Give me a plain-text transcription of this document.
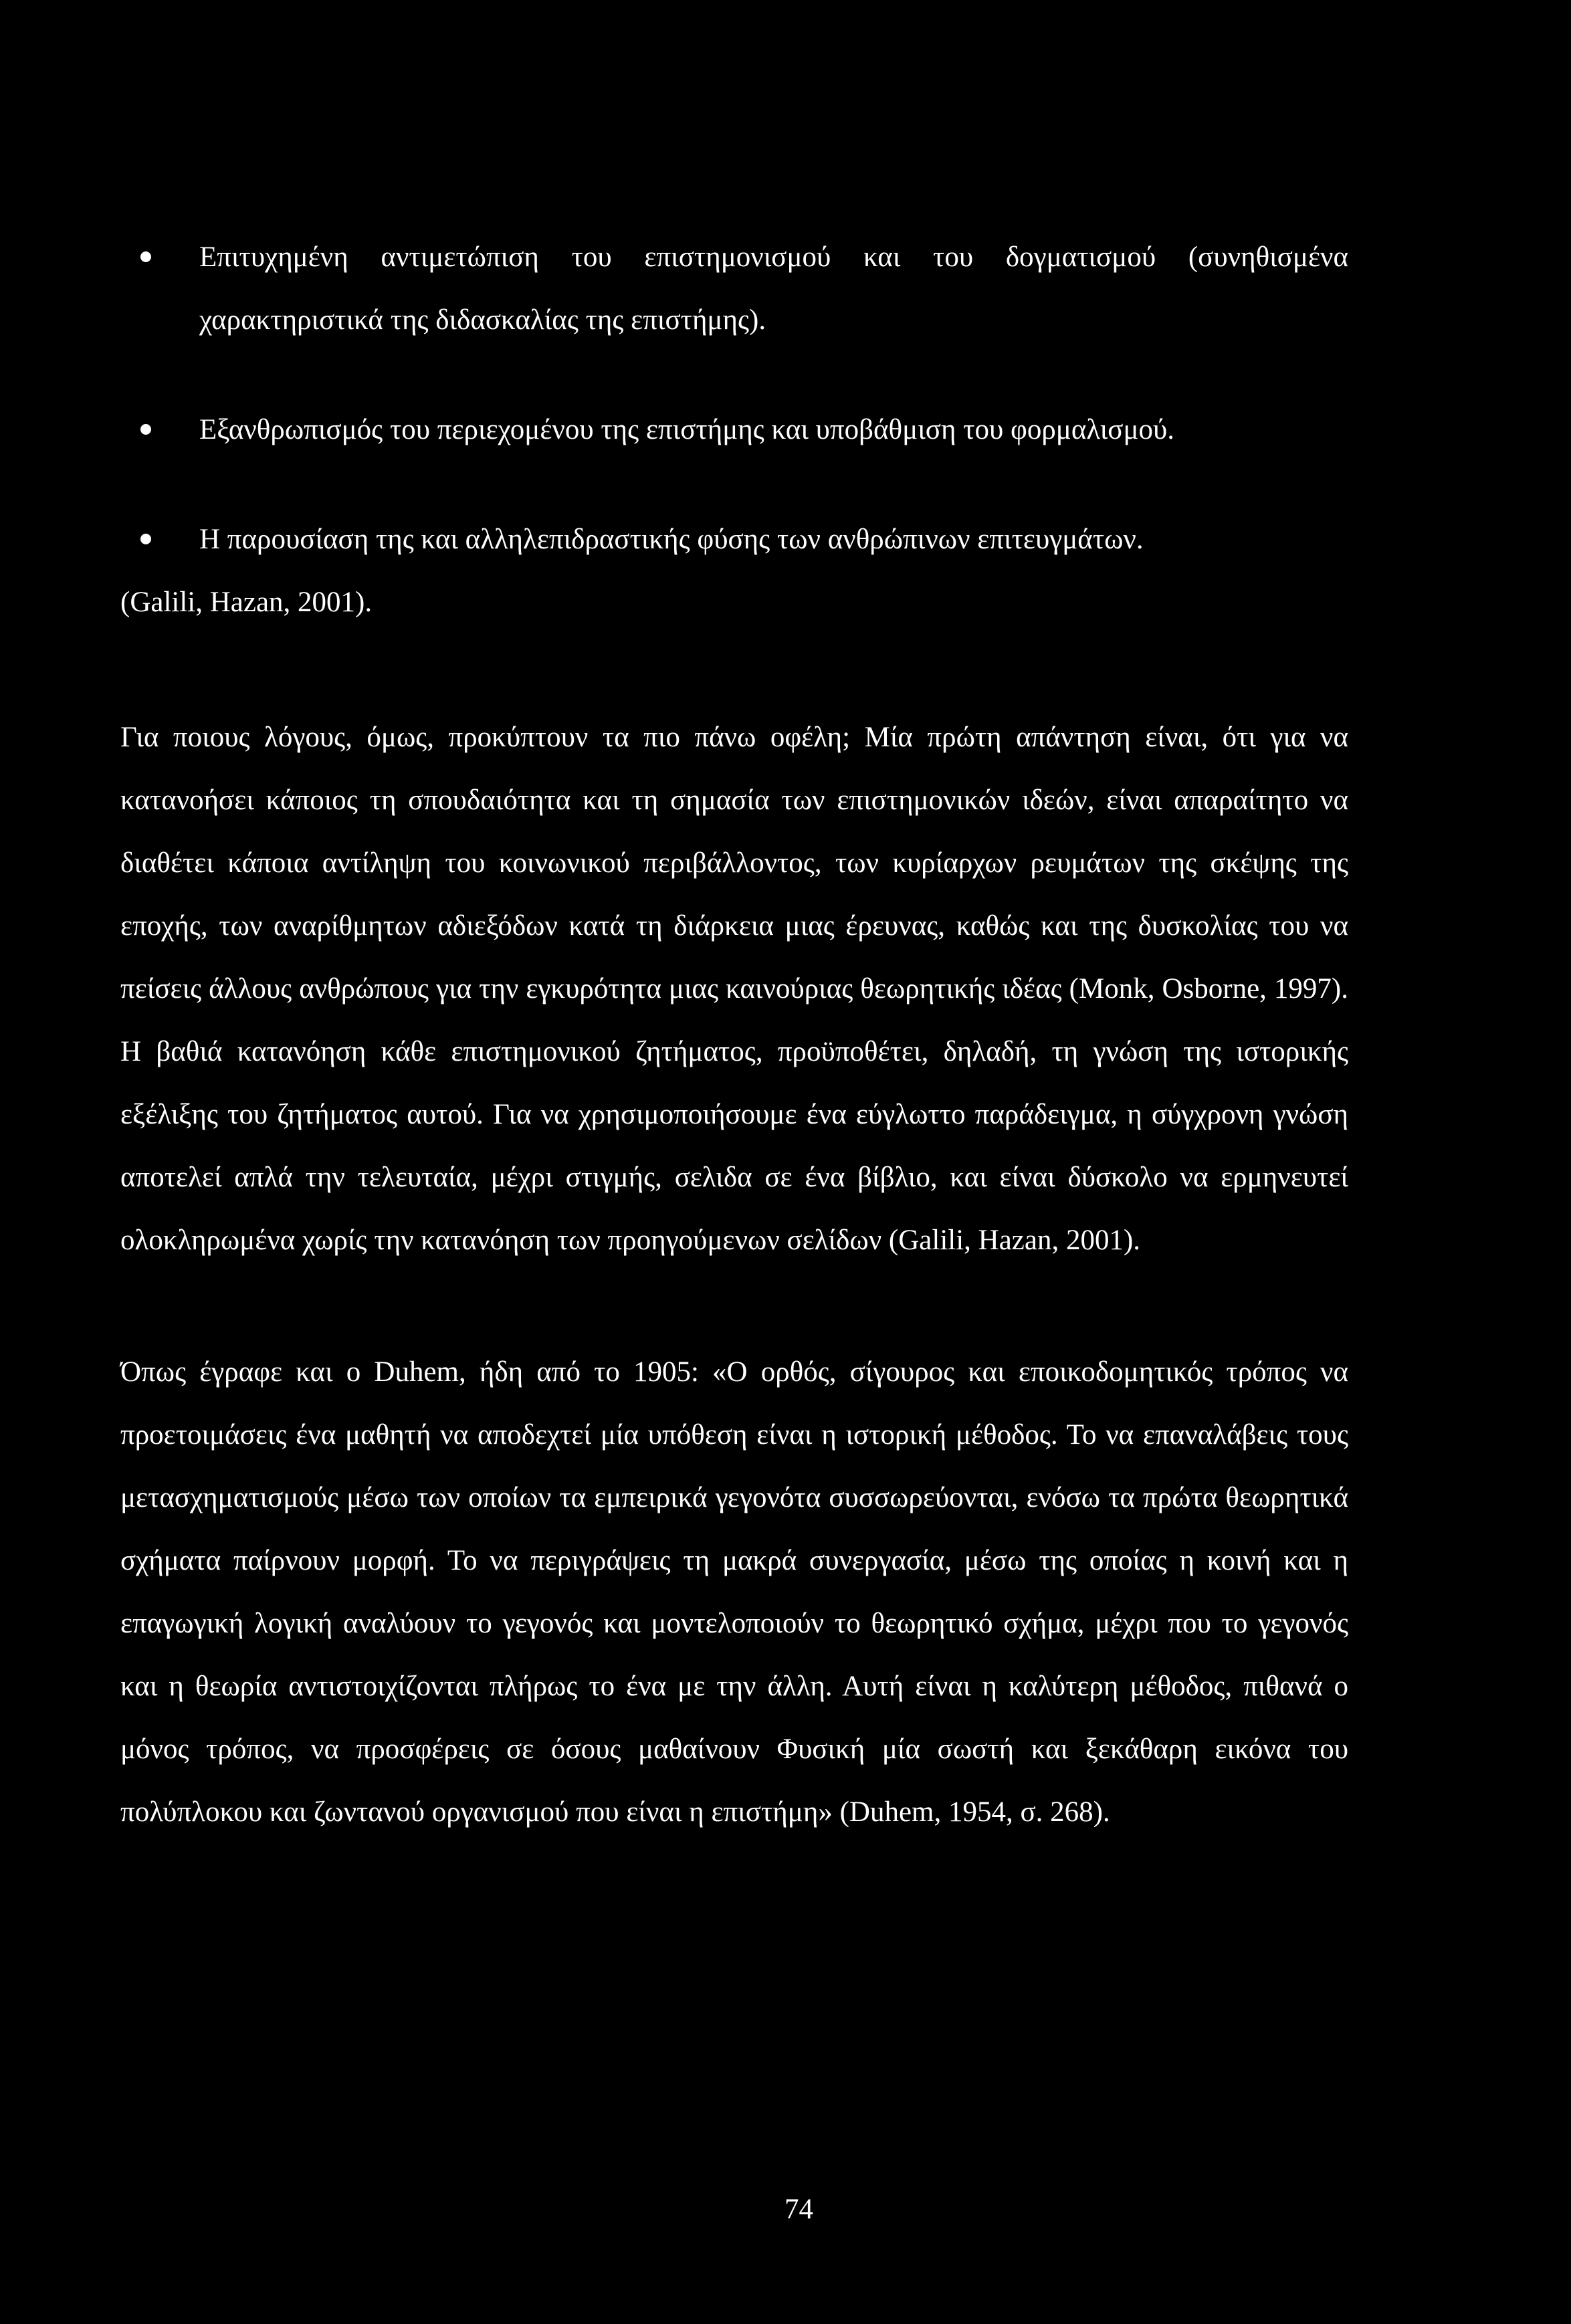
Επιτυχημένη αντιμετώπιση του επιστημονισμού και του δογματισμού (συνηθισμένα χαρακτηριστικά της διδασκαλίας της επιστήμης).
Εξανθρωπισμός του περιεχομένου της επιστήμης και υποβάθμιση του φορμαλισμού.
Η παρουσίαση της και αλληλεπιδραστικής φύσης των ανθρώπινων επιτευγμάτων.
(Galili, Hazan, 2001).

Για ποιους λόγους, όμως, προκύπτουν τα πιο πάνω οφέλη; Μία πρώτη απάντηση είναι, ότι για να κατανοήσει κάποιος τη σπουδαιότητα και τη σημασία των επιστημονικών ιδεών, είναι απαραίτητο να διαθέτει κάποια αντίληψη του κοινωνικού περιβάλλοντος, των κυρίαρχων ρευμάτων της σκέψης της εποχής, των αναρίθμητων αδιεξόδων κατά τη διάρκεια μιας έρευνας, καθώς και της δυσκολίας του να πείσεις άλλους ανθρώπους για την εγκυρότητα μιας καινούριας θεωρητικής ιδέας (Monk, Osborne, 1997). Η βαθιά κατανόηση κάθε επιστημονικού ζητήματος, προϋποθέτει, δηλαδή, τη γνώση της ιστορικής εξέλιξης του ζητήματος αυτού. Για να χρησιμοποιήσουμε ένα εύγλωττο παράδειγμα, η σύγχρονη γνώση αποτελεί απλά την τελευταία, μέχρι στιγμής, σελιδα σε ένα βίβλιο, και είναι δύσκολο να ερμηνευτεί ολοκληρωμένα χωρίς την κατανόηση των προηγούμενων σελίδων (Galili, Hazan, 2001).

Όπως έγραφε και ο Duhem, ήδη από το 1905: «Ο ορθός, σίγουρος και εποικοδομητικός τρόπος να προετοιμάσεις ένα μαθητή να αποδεχτεί μία υπόθεση είναι η ιστορική μέθοδος. Το να επαναλάβεις τους μετασχηματισμούς μέσω των οποίων τα εμπειρικά γεγονότα συσσωρεύονται, ενόσω τα πρώτα θεωρητικά σχήματα παίρνουν μορφή. Το να περιγράψεις τη μακρά συνεργασία, μέσω της οποίας η κοινή και η επαγωγική λογική αναλύουν το γεγονός και μοντελοποιούν το θεωρητικό σχήμα, μέχρι που το γεγονός και η θεωρία αντιστοιχίζονται πλήρως το ένα με την άλλη. Αυτή είναι η καλύτερη μέθοδος, πιθανά ο μόνος τρόπος, να προσφέρεις σε όσους μαθαίνουν Φυσική μία σωστή και ξεκάθαρη εικόνα του πολύπλοκου και ζωντανού οργανισμού που είναι η επιστήμη» (Duhem, 1954, σ. 268).

74
